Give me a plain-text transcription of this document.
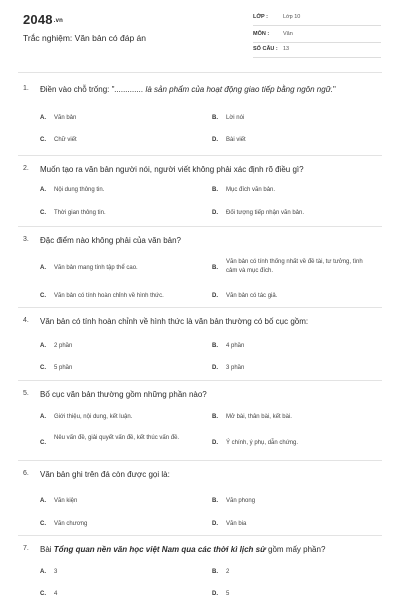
2048.vn
Trắc nghiệm: Văn bản có đáp án
LỚP :	Lớp 10
MÔN :	Văn
SỐ CÂU : 13
1. Điền vào chỗ trống: "............. là sản phẩm của hoạt động giao tiếp bằng ngôn ngữ."
A. Văn bản	B. Lời nói
C. Chữ viết	D. Bài viết
2. Muốn tạo ra văn bản người nói, người viết không phải xác định rõ điều gì?
A. Nội dung thông tin.	B. Mục đích văn bản.
C. Thời gian thông tin.	D. Đối tượng tiếp nhận văn bản.
3. Đặc điểm nào không phải của văn bản?
A. Văn bản mang tính tập thể cao.	B.
Văn bản có tính thống nhất về đề tài, tư tưởng, tình cảm và mục đích.
C. Văn bản có tính hoàn chỉnh về hình thức.	D. Văn bản có tác giả.
4. Văn bản có tính hoàn chỉnh về hình thức là văn bản thường có bố cục gồm:
A. 2 phần	B. 4 phần
C. 5 phần	D. 3 phần
5. Bố cục văn bản thường gồm những phần nào?
A. Giới thiệu, nội dung, kết luận.	B. Mở bài, thân bài, kết bài.
C.
Nêu vấn đề, giải quyết vấn đề, kết thúc vấn đề.
D. Ý chính, ý phụ, dẫn chứng.
6. Văn bản ghi trên đá còn được gọi là:
A. Văn kiện	B. Văn phong
C. Văn chương	D. Văn bia
7. Bài Tổng quan nền văn học việt Nam qua các thời kì lịch sử gồm mấy phần?
A. 3	B. 2
C. 4	D. 5
